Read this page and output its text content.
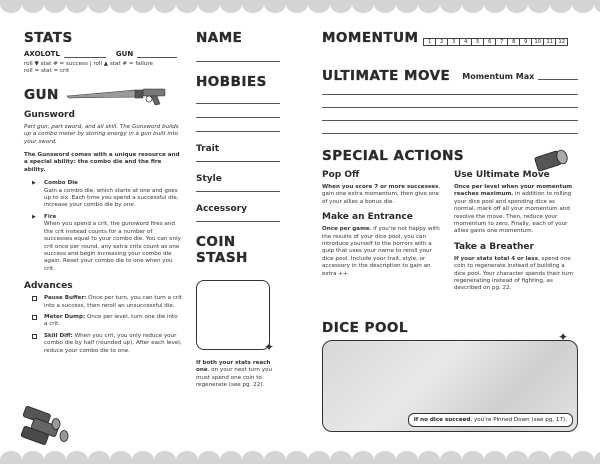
STATS
AXOLOTL	GUN
roll ▼ stat # = success | roll ▲ stat # = failure
roll = stat = crit
GUN
Gunsword
Part gun, part sword, and all skill. The Gunsword builds up a combo meter by storing energy in a gun built into your sword.
The Gunsword comes with a unique resource and a special ability: the combo die and the fire ability.
▶ Combo Die
Gain a combo die, which starts at one and goes up to six. Each time you spend a successful die, increase your combo die by one.
▶ Fire
When you spend a crit, the gunsword fires and the crit instead counts for a number of successes equal to your combo die. You can only crit once per round, any extra crits count as one success and begin increasing your combo die again. Reset your combo die to one when you crit.
Advances
Pause Buffer: Once per turn, you can turn a crit into a success, then reroll an unsuccessful die.
Meter Dump: Once per level, turn one die into a crit.
Skill Diff: When you crit, you only reduce your combo die by half (rounded up). After each level, reduce your combo die to one.
NAME
HOBBIES
Trait
Style
Accessory
COIN STASH
✦
If both your stats reach one, on your next turn you must spend one coin to regenerate (see pg. 22).
MOMENTUM	1	2	3	4	5	6	7	8	9	10	11	12
ULTIMATE MOVE Momentum Max
SPECIAL ACTIONS
Pop Off
When you score 7 or more successes, gain one extra momentum, then give one of your allies a bonus die.
Make an Entrance
Once per game, if you're not happy with the results of your dice pool, you can introduce yourself to the horrors with a quip that uses your name to reroll your dice pool. Include your trait, style, or accessory in the description to gain an extra ++.
Use Ultimate Move
Once per level when your momentum reaches maximum, in addition to rolling your dice pool and spending dice as normal, mark off all your momentum and resolve the move. Then, reduce your momentum to zero. Finally, each of your allies gains one momentum.
Take a Breather
If your stats total 4 or less, spend one coin to regenerate instead of building a dice pool. Your character spends their turn regenerating instead of fighting, as described on pg. 22.
DICE POOL
If no dice succeed, you're Pinned Down (see pg. 17).
✦
